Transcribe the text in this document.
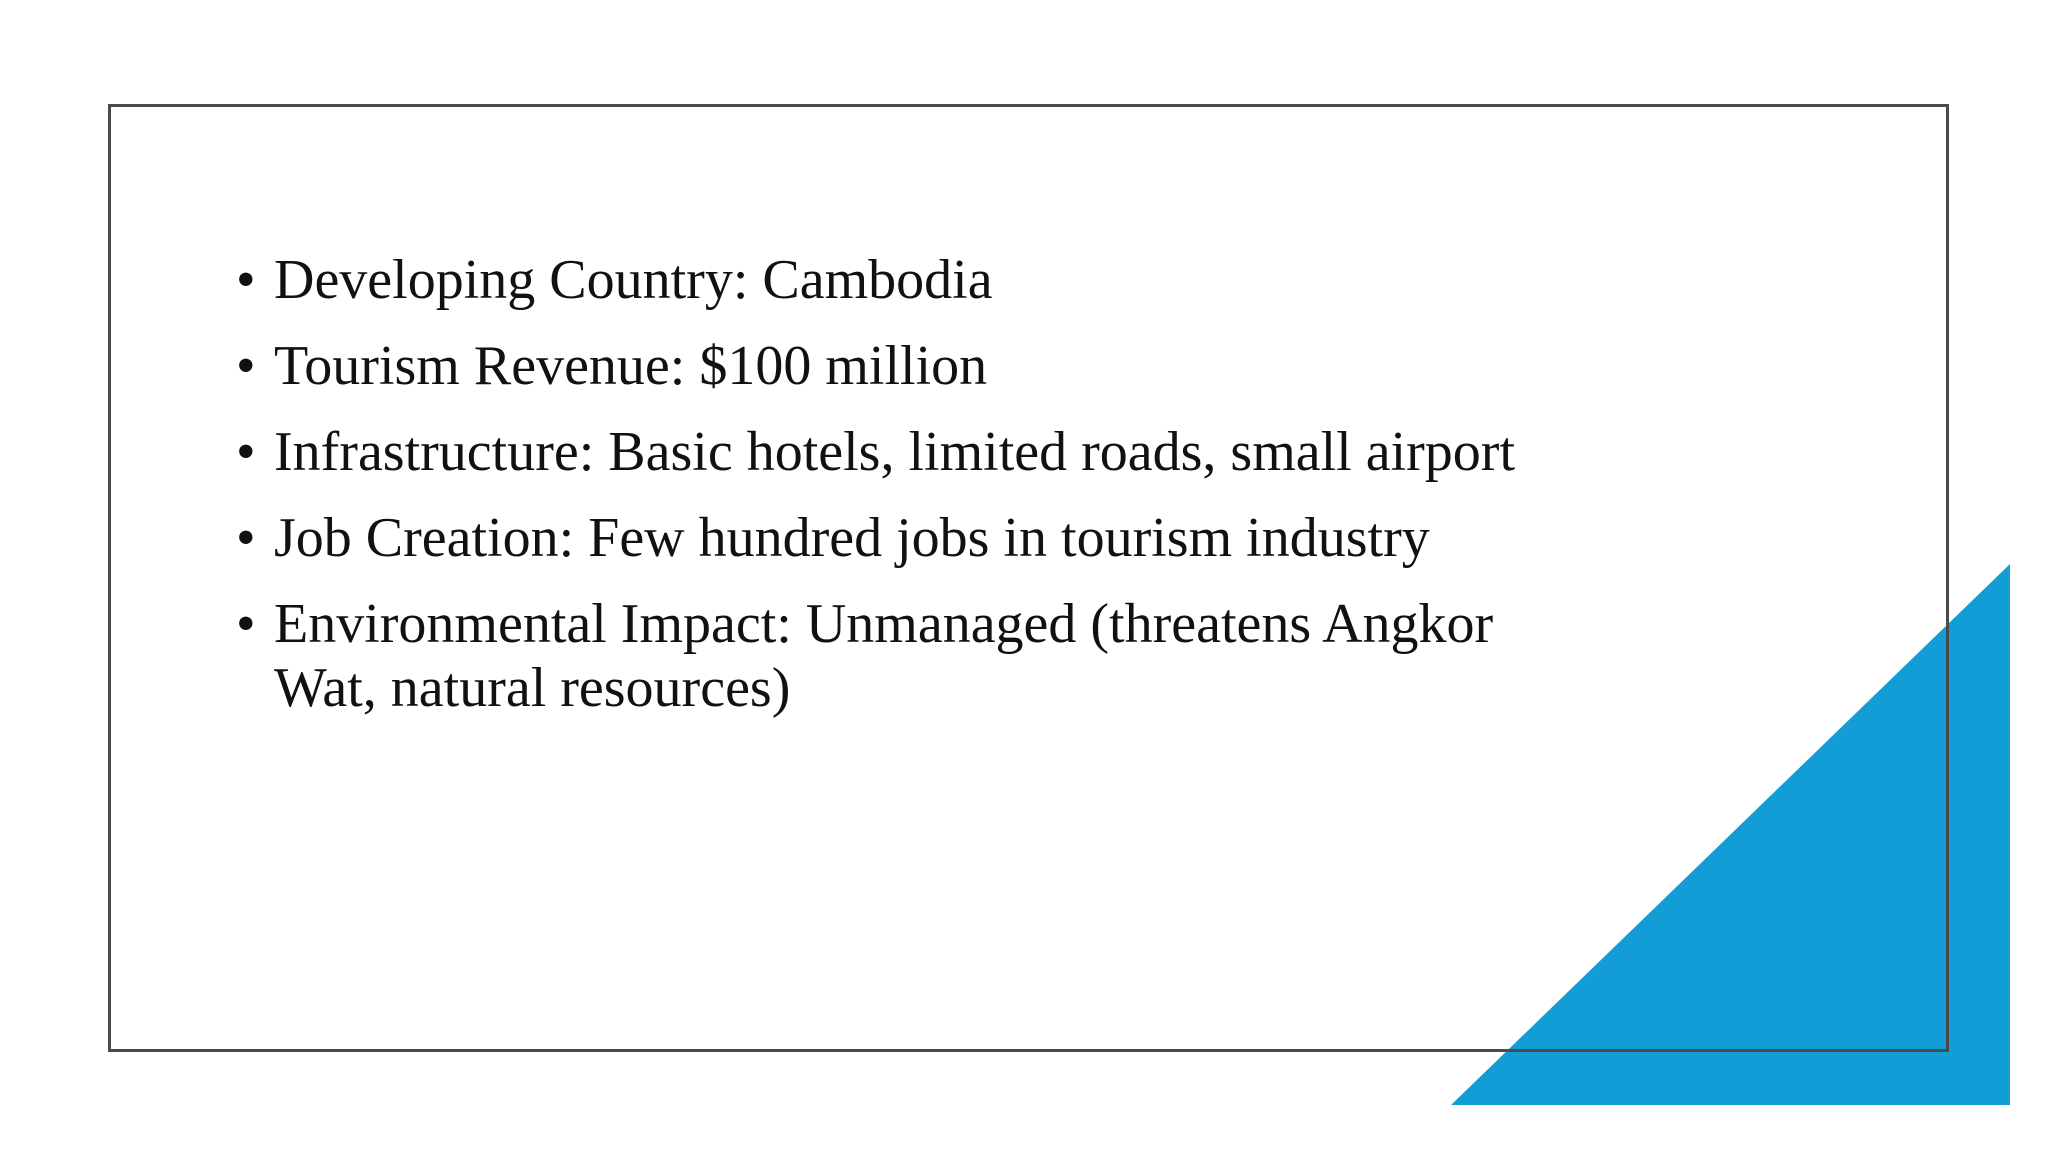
• Developing Country: Cambodia
• Tourism Revenue: $100 million
• Infrastructure: Basic hotels, limited roads, small airport
• Job Creation: Few hundred jobs in tourism industry
• Environmental Impact: Unmanaged (threatens Angkor Wat, natural resources)
